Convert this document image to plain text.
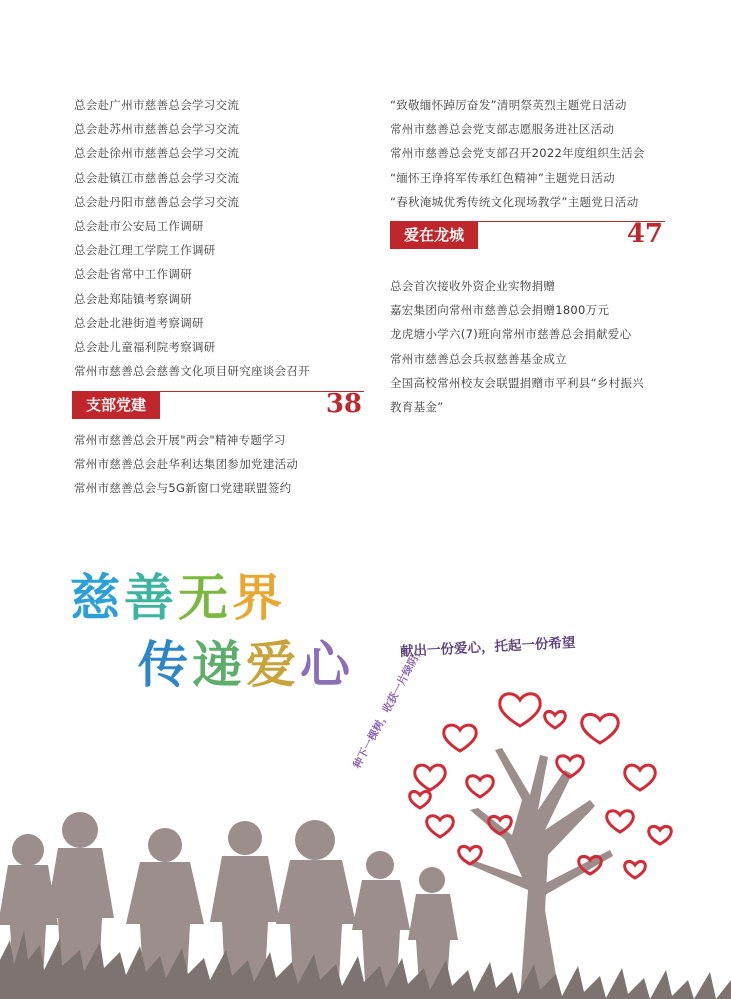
总会赴广州市慈善总会学习交流
总会赴苏州市慈善总会学习交流
总会赴徐州市慈善总会学习交流
总会赴镇江市慈善总会学习交流
总会赴丹阳市慈善总会学习交流
总会赴市公安局工作调研
总会赴江理工学院工作调研
总会赴省常中工作调研
总会赴郑陆镇考察调研
总会赴北港街道考察调研
总会赴儿童福利院考察调研
常州市慈善总会慈善文化项目研究座谈会召开
支部党建	38
常州市慈善总会开展"两会"精神专题学习
常州市慈善总会赴华利达集团参加党建活动
常州市慈善总会与5G新窗口党建联盟签约
“致敬缅怀踔厉奋发”清明祭英烈主题党日活动
常州市慈善总会党支部志愿服务进社区活动
常州市慈善总会党支部召开2022年度组织生活会
“缅怀王诤将军传承红色精神”主题党日活动
“春秋淹城优秀传统文化现场教学”主题党日活动
爱在龙城	47
总会首次接收外资企业实物捐赠
嘉宏集团向常州市慈善总会捐赠1800万元
龙虎塘小学六(7)班向常州市慈善总会捐献爱心
常州市慈善总会兵叔慈善基金成立
全国高校常州校友会联盟捐赠市平利县“乡村振兴
教育基金”
慈善无界
传递爱心	献出一份爱心，托起一份希望
种下一棵树，收获一片绿阴；
